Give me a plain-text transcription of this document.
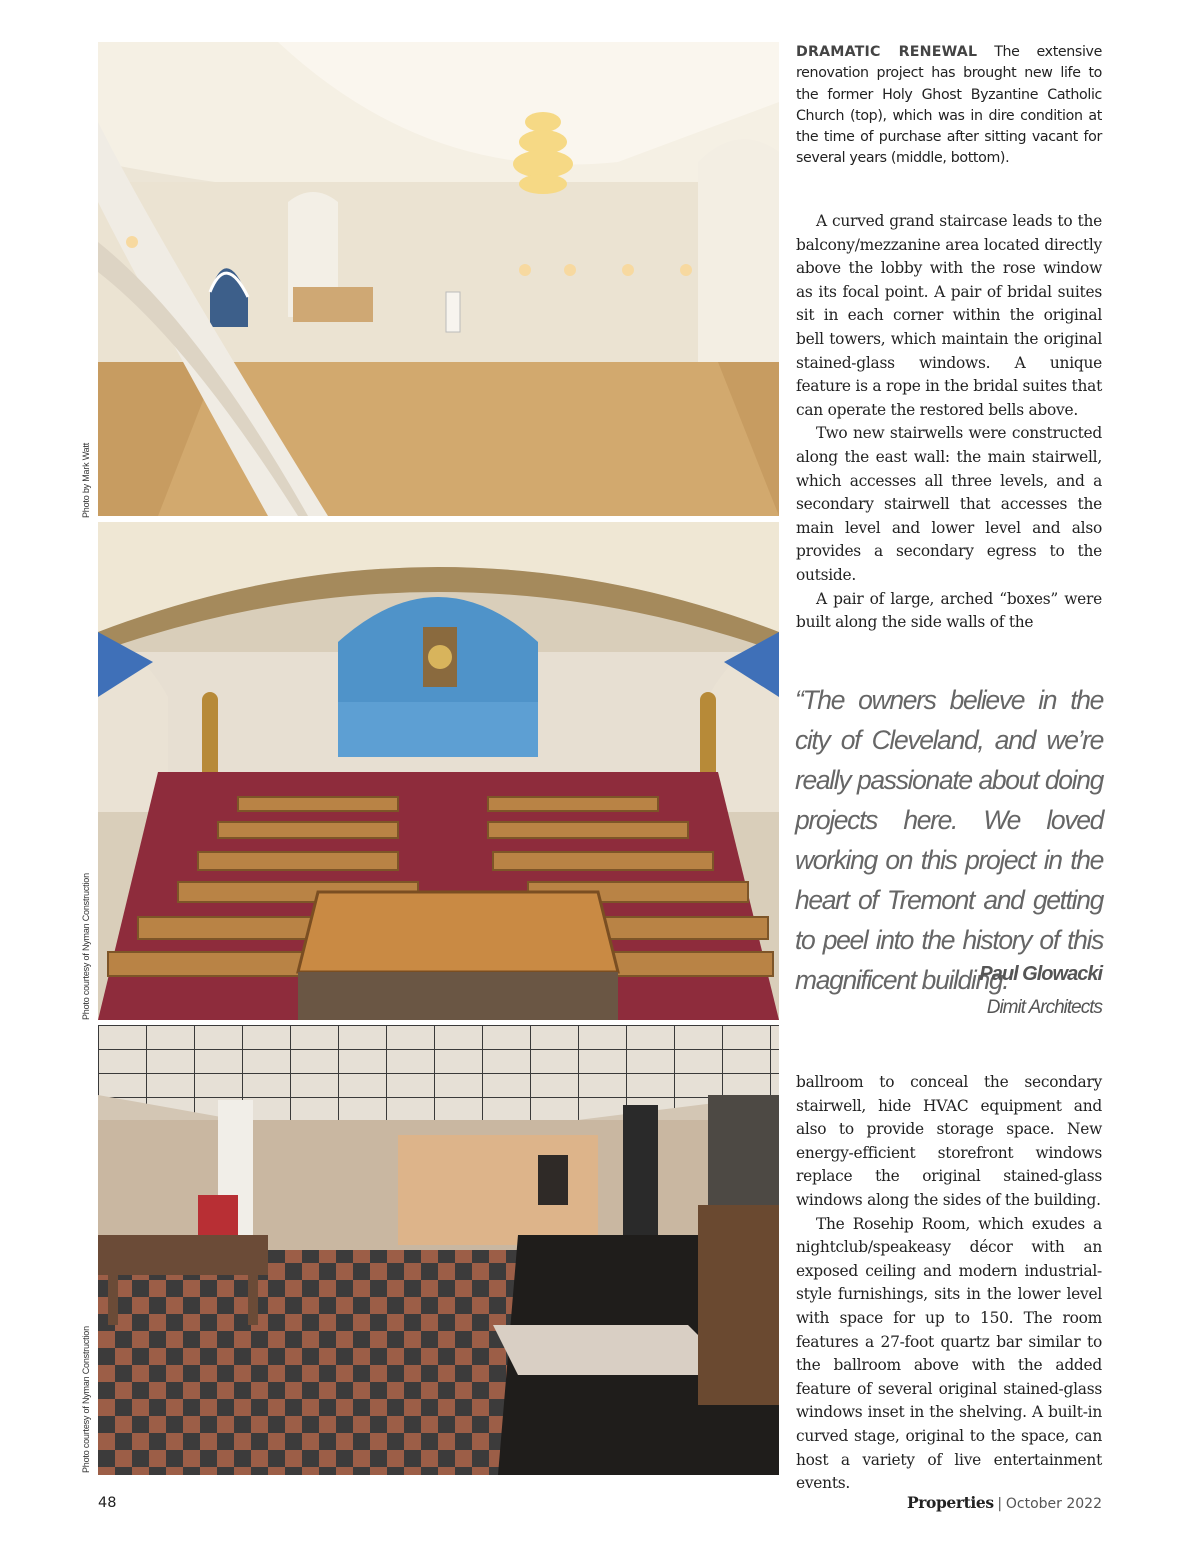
Photo by Mark Watt
Photo courtesy of Nyman Construction
Photo courtesy of Nyman Construction
DRAMATIC RENEWAL The extensive renovation project has brought new life to the former Holy Ghost Byzantine Catholic Church (top), which was in dire condition at the time of purchase after sitting vacant for several years (middle, bottom).

A curved grand staircase leads to the balcony/mezzanine area located directly above the lobby with the rose window as its focal point. A pair of bridal suites sit in each corner within the original bell towers, which maintain the original stained-glass windows. A unique feature is a rope in the bridal suites that can operate the restored bells above.

Two new stairwells were constructed along the east wall: the main stairwell, which accesses all three levels, and a secondary stairwell that accesses the main level and lower level and also provides a secondary egress to the outside.

A pair of large, arched “boxes” were built along the side walls of the

“The owners believe in the city of Cleveland, and we’re really passionate about doing projects here. We loved working on this project in the heart of Tremont and getting to peel into the history of this magnificent building.”

Paul Glowacki
Dimit Architects

ballroom to conceal the secondary stairwell, hide HVAC equipment and also to provide storage space. New energy-efficient storefront windows replace the original stained-glass windows along the sides of the building.

The Rosehip Room, which exudes a nightclub/speakeasy décor with an exposed ceiling and modern industrial-style furnishings, sits in the lower level with space for up to 150. The room features a 27-foot quartz bar similar to the ballroom above with the added feature of several original stained-glass windows inset in the shelving. A built-in curved stage, original to the space, can host a variety of live entertainment events.

48	Properties | October 2022
